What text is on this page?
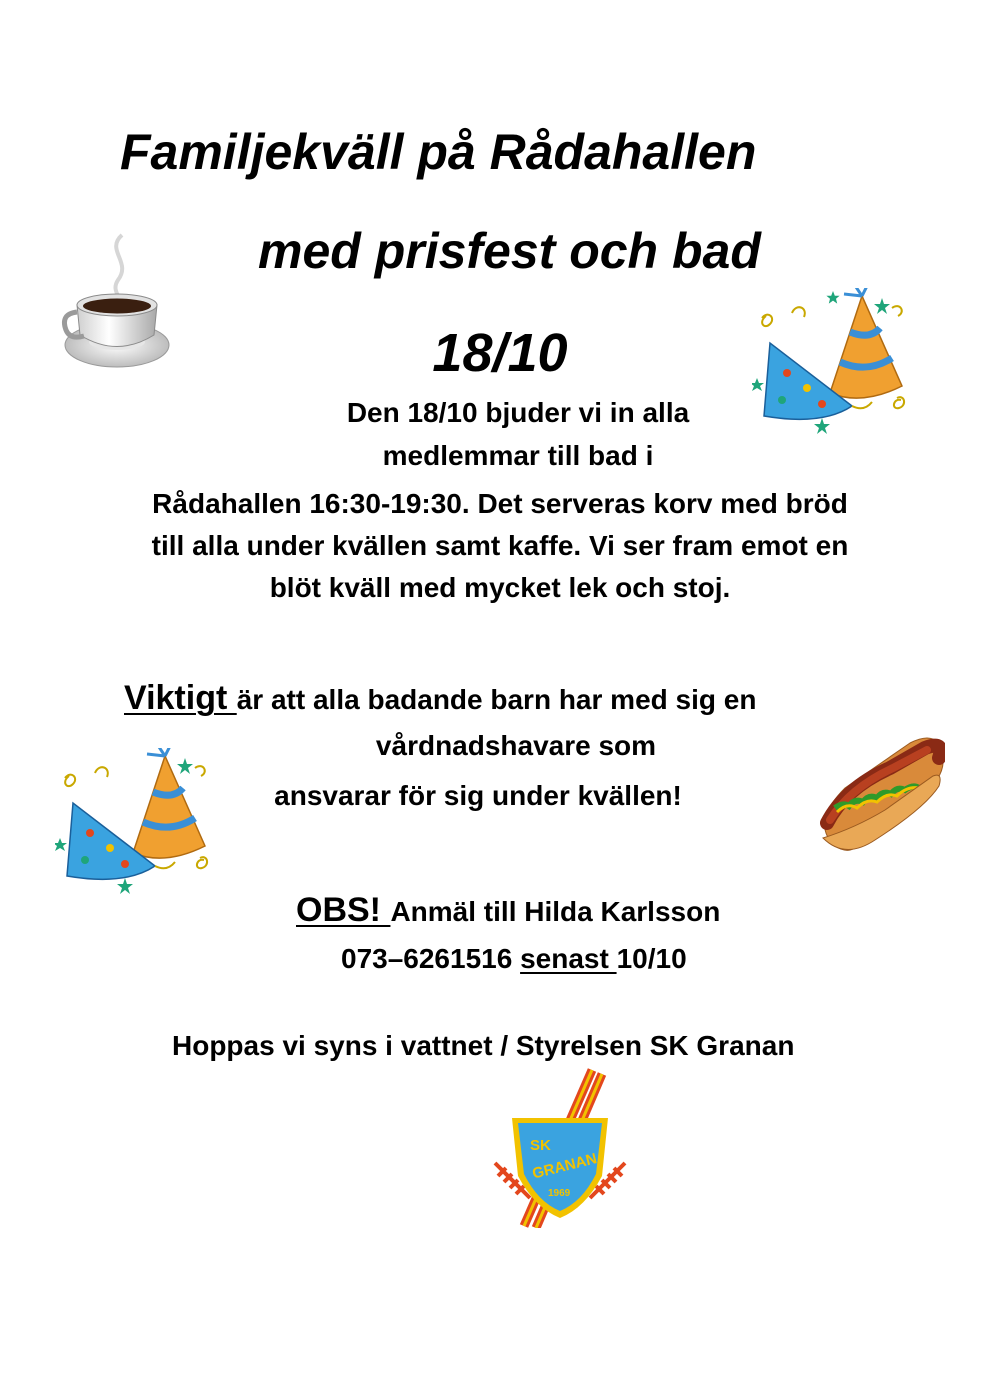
Familjekväll på Rådahallen
med prisfest och bad
18/10
Den 18/10 bjuder vi in alla
medlemmar till bad i
Rådahallen 16:30-19:30. Det serveras korv med bröd
till alla under kvällen samt kaffe. Vi ser fram emot en
blöt kväll med mycket lek och stoj.
Viktigt är att alla badande barn har med sig en
vårdnadshavare som
ansvarar för sig under kvällen!
OBS! Anmäl till Hilda Karlsson
073–6261516 senast 10/10
Hoppas vi syns i vattnet / Styrelsen SK Granan
SK
GRANAN
1969
